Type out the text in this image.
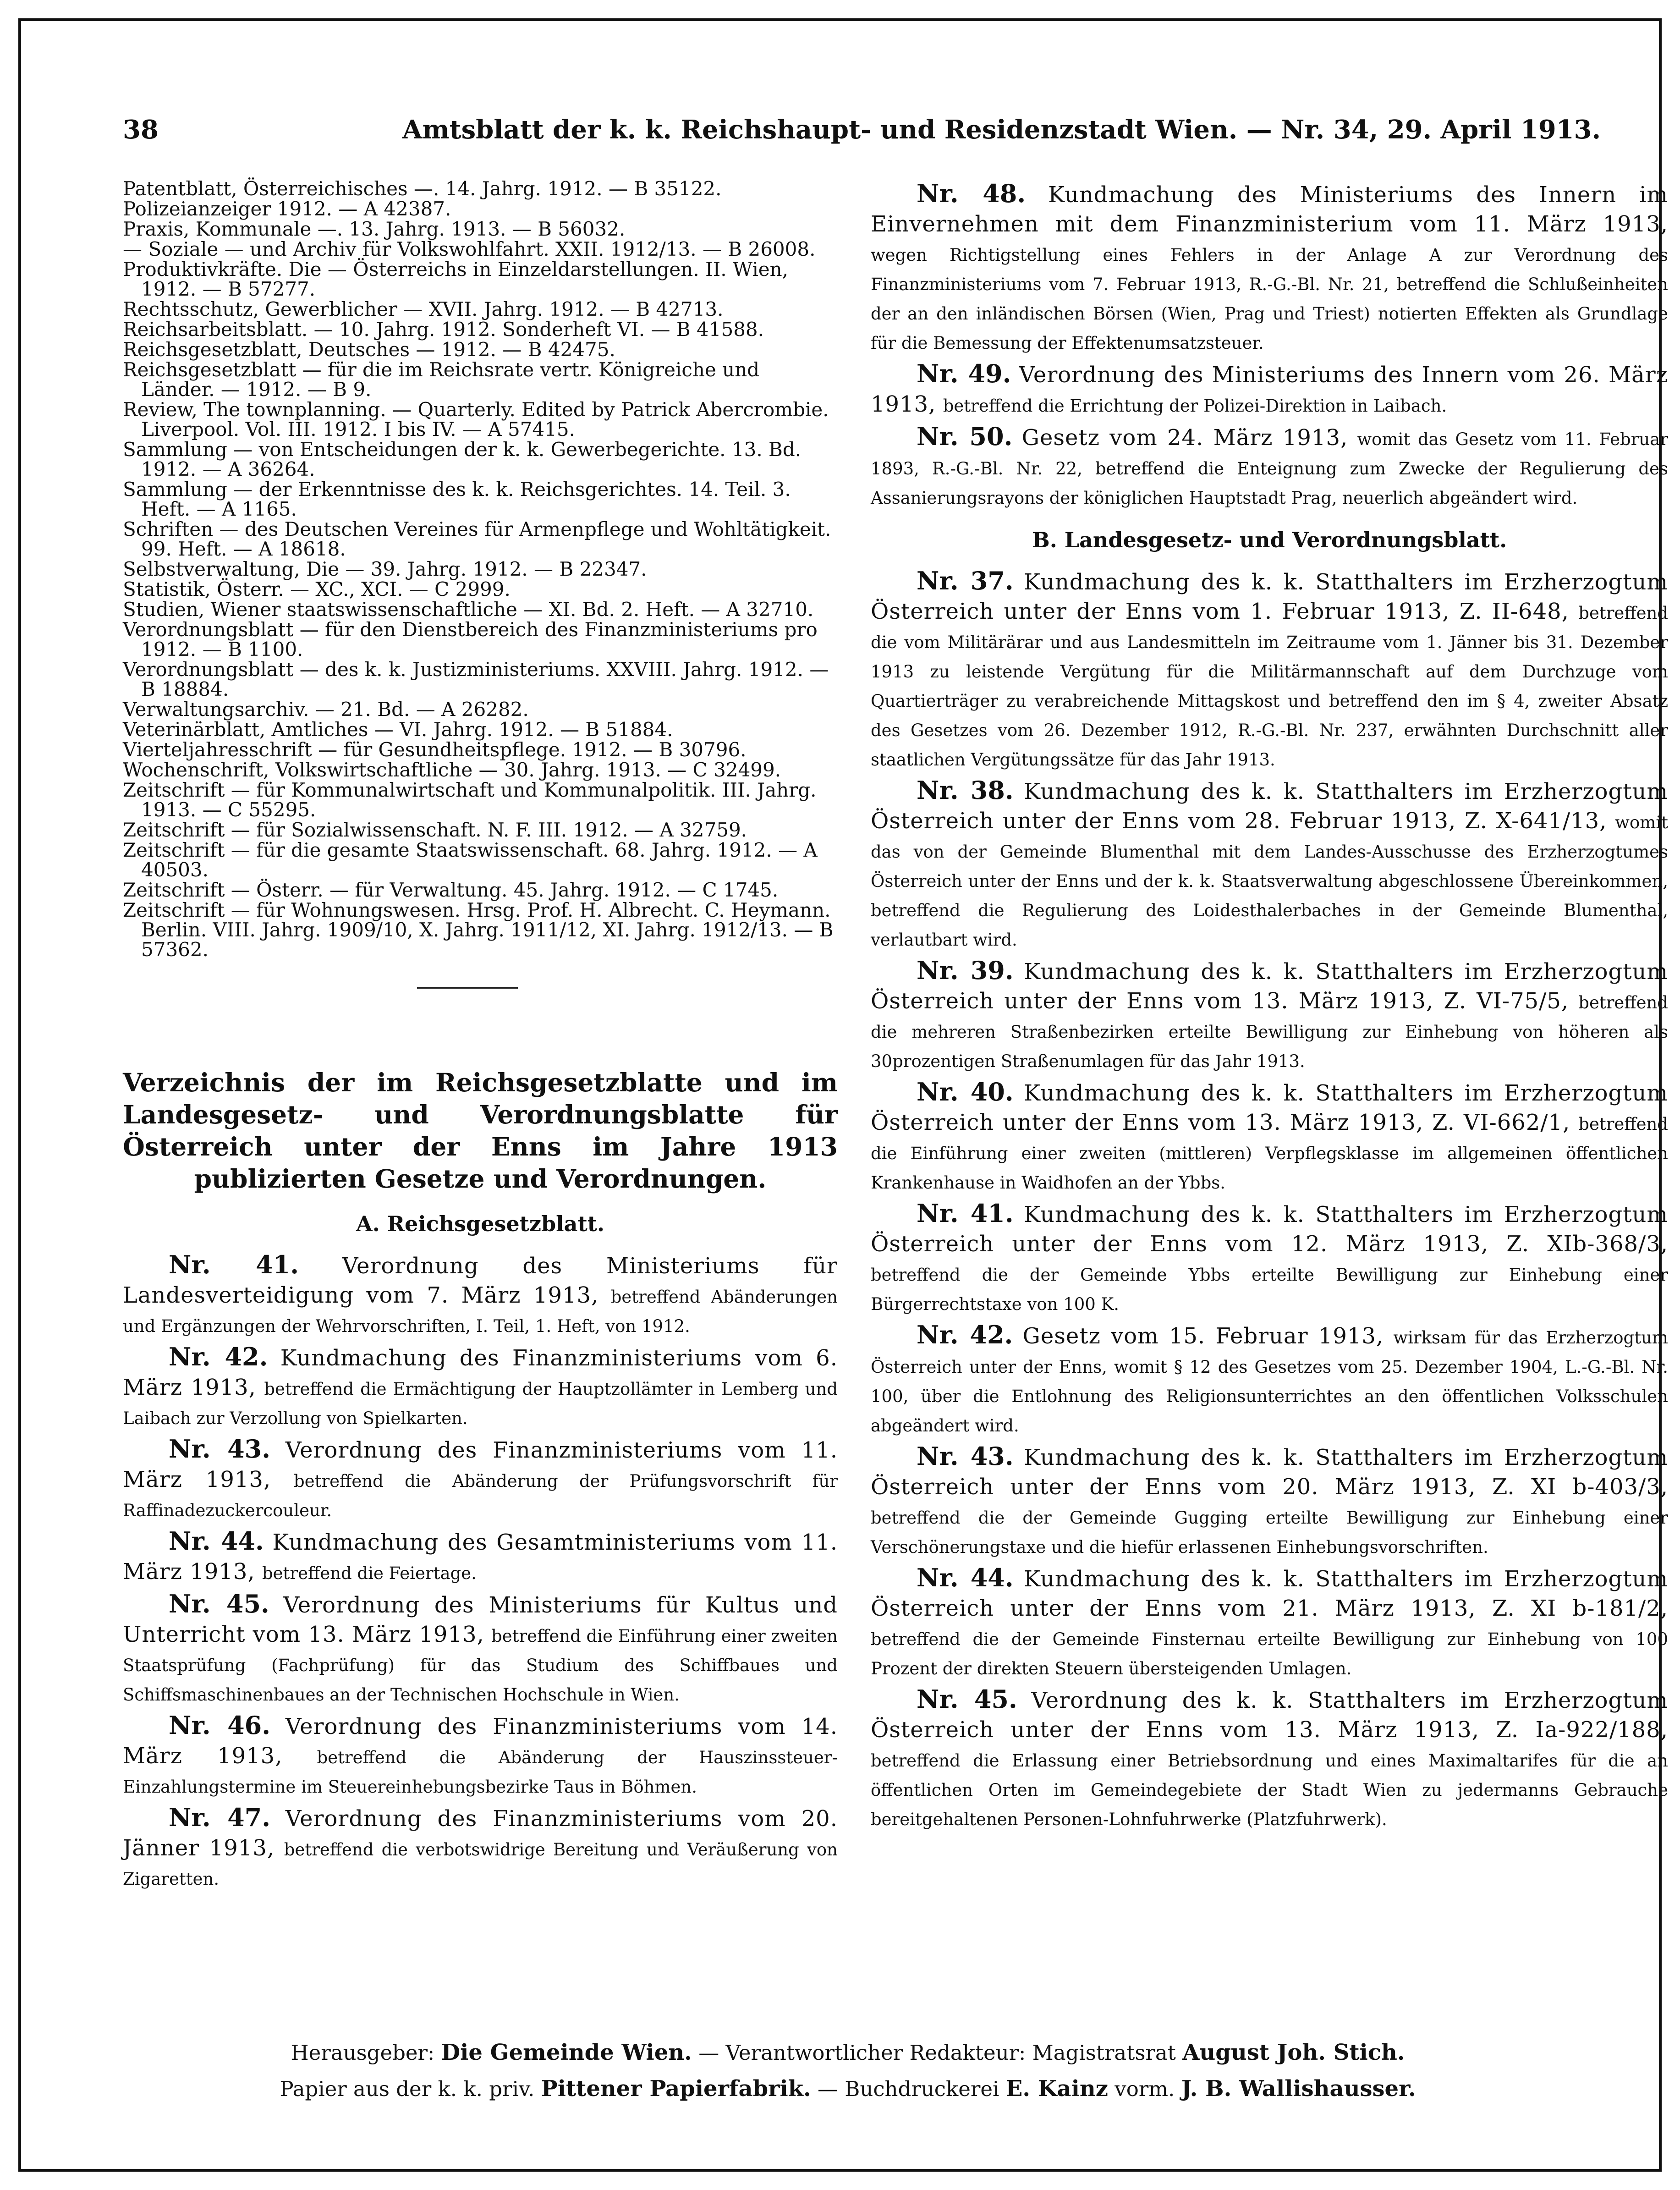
38	Amtsblatt der k. k. Reichshaupt- und Residenzstadt Wien. — Nr. 34, 29. April 1913.
Patentblatt, Österreichisches —. 14. Jahrg. 1912. — B 35122.
Polizeianzeiger 1912. — A 42387.
Praxis, Kommunale —. 13. Jahrg. 1913. — B 56032.
— Soziale — und Archiv für Volkswohlfahrt. XXII. 1912/13. — B 26008.
Produktivkräfte. Die — Österreichs in Einzeldarstellungen. II. Wien, 1912. — B 57277.
Rechtsschutz, Gewerblicher — XVII. Jahrg. 1912. — B 42713.
Reichsarbeitsblatt. — 10. Jahrg. 1912. Sonderheft VI. — B 41588.
Reichsgesetzblatt, Deutsches — 1912. — B 42475.
Reichsgesetzblatt — für die im Reichsrate vertr. Königreiche und Länder. — 1912. — B 9.
Review, The townplanning. — Quarterly. Edited by Patrick Abercrombie. Liverpool. Vol. III. 1912. I bis IV. — A 57415.
Sammlung — von Entscheidungen der k. k. Gewerbegerichte. 13. Bd. 1912. — A 36264.
Sammlung — der Erkenntnisse des k. k. Reichsgerichtes. 14. Teil. 3. Heft. — A 1165.
Schriften — des Deutschen Vereines für Armenpflege und Wohltätigkeit. 99. Heft. — A 18618.
Selbstverwaltung, Die — 39. Jahrg. 1912. — B 22347.
Statistik, Österr. — XC., XCI. — C 2999.
Studien, Wiener staatswissenschaftliche — XI. Bd. 2. Heft. — A 32710.
Verordnungsblatt — für den Dienstbereich des Finanzministeriums pro 1912. — B 1100.
Verordnungsblatt — des k. k. Justizministeriums. XXVIII. Jahrg. 1912. — B 18884.
Verwaltungsarchiv. — 21. Bd. — A 26282.
Veterinärblatt, Amtliches — VI. Jahrg. 1912. — B 51884.
Vierteljahresschrift — für Gesundheitspflege. 1912. — B 30796.
Wochenschrift, Volkswirtschaftliche — 30. Jahrg. 1913. — C 32499.
Zeitschrift — für Kommunalwirtschaft und Kommunalpolitik. III. Jahrg. 1913. — C 55295.
Zeitschrift — für Sozialwissenschaft. N. F. III. 1912. — A 32759.
Zeitschrift — für die gesamte Staatswissenschaft. 68. Jahrg. 1912. — A 40503.
Zeitschrift — Österr. — für Verwaltung. 45. Jahrg. 1912. — C 1745.
Zeitschrift — für Wohnungswesen. Hrsg. Prof. H. Albrecht. C. Heymann. Berlin. VIII. Jahrg. 1909/10, X. Jahrg. 1911/12, XI. Jahrg. 1912/13. — B 57362.
Verzeichnis der im Reichsgesetzblatte und im Landesgesetz- und Verordnungsblatte für Österreich unter der Enns im Jahre 1913 publizierten Gesetze und Verordnungen.
A. Reichsgesetzblatt.
Nr. 41. Verordnung des Ministeriums für Landesverteidigung vom 7. März 1913, betreffend Abänderungen und Ergänzungen der Wehrvorschriften, I. Teil, 1. Heft, von 1912.
Nr. 42. Kundmachung des Finanzministeriums vom 6. März 1913, betreffend die Ermächtigung der Hauptzollämter in Lemberg und Laibach zur Verzollung von Spielkarten.
Nr. 43. Verordnung des Finanzministeriums vom 11. März 1913, betreffend die Abänderung der Prüfungsvorschrift für Raffinadezuckercouleur.
Nr. 44. Kundmachung des Gesamtministeriums vom 11. März 1913, betreffend die Feiertage.
Nr. 45. Verordnung des Ministeriums für Kultus und Unterricht vom 13. März 1913, betreffend die Einführung einer zweiten Staatsprüfung (Fachprüfung) für das Studium des Schiffbaues und Schiffsmaschinenbaues an der Technischen Hochschule in Wien.
Nr. 46. Verordnung des Finanzministeriums vom 14. März 1913, betreffend die Abänderung der Hauszinssteuer-Einzahlungstermine im Steuereinhebungsbezirke Taus in Böhmen.
Nr. 47. Verordnung des Finanzministeriums vom 20. Jänner 1913, betreffend die verbotswidrige Bereitung und Veräußerung von Zigaretten.
Nr. 48. Kundmachung des Ministeriums des Innern im Einvernehmen mit dem Finanzministerium vom 11. März 1913, wegen Richtigstellung eines Fehlers in der Anlage A zur Verordnung des Finanzministeriums vom 7. Februar 1913, R.-G.-Bl. Nr. 21, betreffend die Schlußeinheiten der an den inländischen Börsen (Wien, Prag und Triest) notierten Effekten als Grundlage für die Bemessung der Effektenumsatzsteuer.
Nr. 49. Verordnung des Ministeriums des Innern vom 26. März 1913, betreffend die Errichtung der Polizei-Direktion in Laibach.
Nr. 50. Gesetz vom 24. März 1913, womit das Gesetz vom 11. Februar 1893, R.-G.-Bl. Nr. 22, betreffend die Enteignung zum Zwecke der Regulierung des Assanierungsrayons der königlichen Hauptstadt Prag, neuerlich abgeändert wird.
B. Landesgesetz- und Verordnungsblatt.
Nr. 37. Kundmachung des k. k. Statthalters im Erzherzogtum Österreich unter der Enns vom 1. Februar 1913, Z. II-648, betreffend die vom Militärärar und aus Landesmitteln im Zeitraume vom 1. Jänner bis 31. Dezember 1913 zu leistende Vergütung für die Militärmannschaft auf dem Durchzuge vom Quartierträger zu verabreichende Mittagskost und betreffend den im § 4, zweiter Absatz des Gesetzes vom 26. Dezember 1912, R.-G.-Bl. Nr. 237, erwähnten Durchschnitt aller staatlichen Vergütungssätze für das Jahr 1913.
Nr. 38. Kundmachung des k. k. Statthalters im Erzherzogtum Österreich unter der Enns vom 28. Februar 1913, Z. X-641/13, womit das von der Gemeinde Blumenthal mit dem Landes-Ausschusse des Erzherzogtumes Österreich unter der Enns und der k. k. Staatsverwaltung abgeschlossene Übereinkommen, betreffend die Regulierung des Loidesthalerbaches in der Gemeinde Blumenthal, verlautbart wird.
Nr. 39. Kundmachung des k. k. Statthalters im Erzherzogtum Österreich unter der Enns vom 13. März 1913, Z. VI-75/5, betreffend die mehreren Straßenbezirken erteilte Bewilligung zur Einhebung von höheren als 30prozentigen Straßenumlagen für das Jahr 1913.
Nr. 40. Kundmachung des k. k. Statthalters im Erzherzogtum Österreich unter der Enns vom 13. März 1913, Z. VI-662/1, betreffend die Einführung einer zweiten (mittleren) Verpflegsklasse im allgemeinen öffentlichen Krankenhause in Waidhofen an der Ybbs.
Nr. 41. Kundmachung des k. k. Statthalters im Erzherzogtum Österreich unter der Enns vom 12. März 1913, Z. XIb-368/3, betreffend die der Gemeinde Ybbs erteilte Bewilligung zur Einhebung einer Bürgerrechtstaxe von 100 K.
Nr. 42. Gesetz vom 15. Februar 1913, wirksam für das Erzherzogtum Österreich unter der Enns, womit § 12 des Gesetzes vom 25. Dezember 1904, L.-G.-Bl. Nr. 100, über die Entlohnung des Religionsunterrichtes an den öffentlichen Volksschulen abgeändert wird.
Nr. 43. Kundmachung des k. k. Statthalters im Erzherzogtum Österreich unter der Enns vom 20. März 1913, Z. XI b-403/3, betreffend die der Gemeinde Gugging erteilte Bewilligung zur Einhebung einer Verschönerungstaxe und die hiefür erlassenen Einhebungsvorschriften.
Nr. 44. Kundmachung des k. k. Statthalters im Erzherzogtum Österreich unter der Enns vom 21. März 1913, Z. XI b-181/2, betreffend die der Gemeinde Finsternau erteilte Bewilligung zur Einhebung von 100 Prozent der direkten Steuern übersteigenden Umlagen.
Nr. 45. Verordnung des k. k. Statthalters im Erzherzogtum Österreich unter der Enns vom 13. März 1913, Z. Ia-922/188, betreffend die Erlassung einer Betriebsordnung und eines Maximaltarifes für die an öffentlichen Orten im Gemeindegebiete der Stadt Wien zu jedermanns Gebrauche bereitgehaltenen Personen-Lohnfuhrwerke (Platzfuhrwerk).
Herausgeber: Die Gemeinde Wien. — Verantwortlicher Redakteur: Magistratsrat August Joh. Stich.
Papier aus der k. k. priv. Pittener Papierfabrik. — Buchdruckerei E. Kainz vorm. J. B. Wallishausser.
